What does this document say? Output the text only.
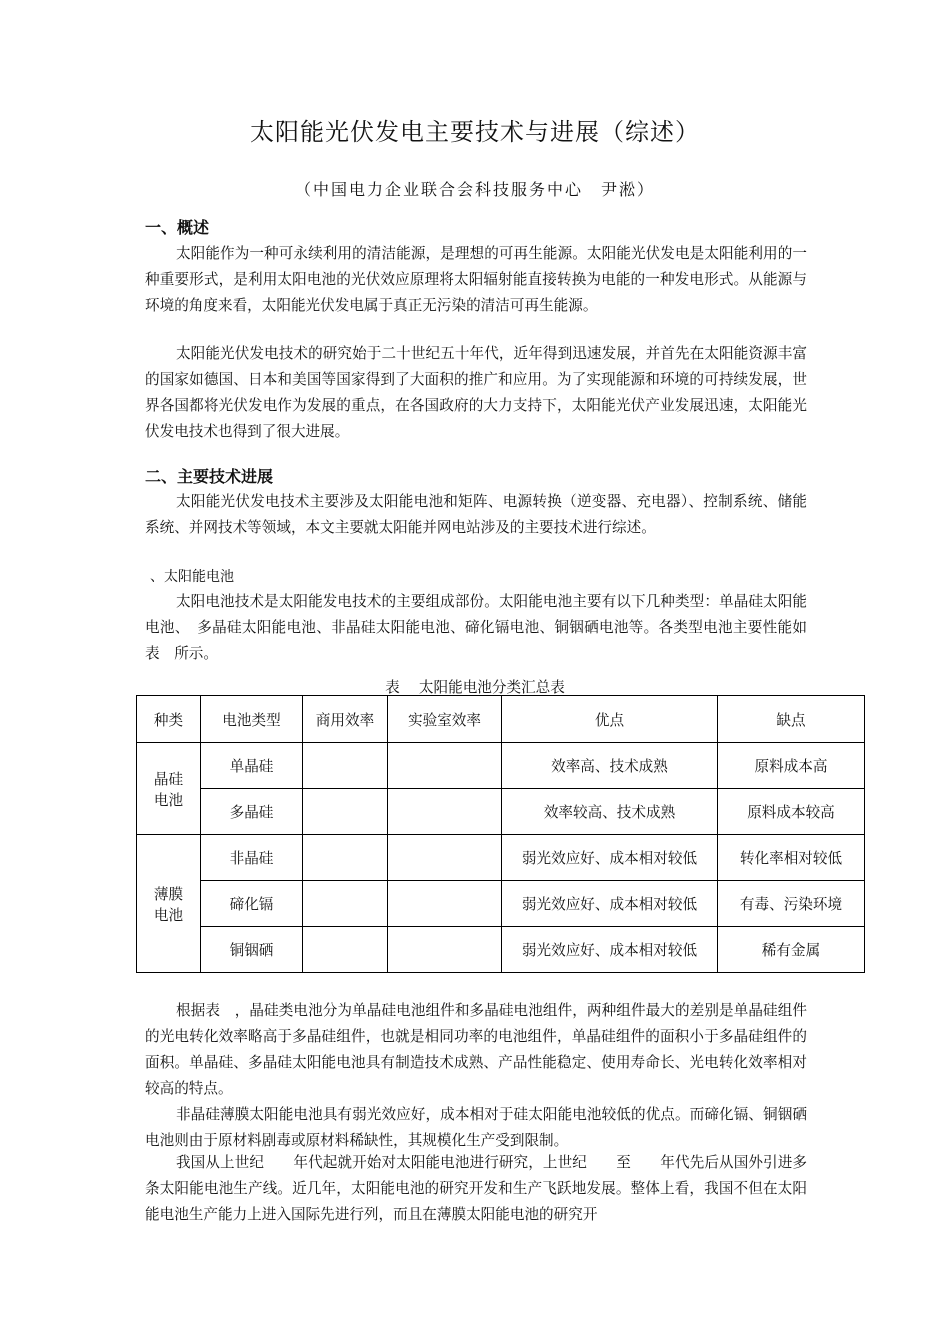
太阳能光伏发电主要技术与进展（综述）
（中国电力企业联合会科技服务中心　尹淞）
一、概述

太阳能作为一种可永续利用的清洁能源，是理想的可再生能源。太阳能光伏发电是太阳能利用的一种重要形式，是利用太阳电池的光伏效应原理将太阳辐射能直接转换为电能的一种发电形式。从能源与环境的角度来看，太阳能光伏发电属于真正无污染的清洁可再生能源。

太阳能光伏发电技术的研究始于二十世纪五十年代，近年得到迅速发展，并首先在太阳能资源丰富的国家如德国、日本和美国等国家得到了大面积的推广和应用。为了实现能源和环境的可持续发展，世界各国都将光伏发电作为发展的重点，在各国政府的大力支持下，太阳能光伏产业发展迅速，太阳能光伏发电技术也得到了很大进展。

二、主要技术进展

太阳能光伏发电技术主要涉及太阳能电池和矩阵、电源转换（逆变器、充电器）、控制系统、储能系统、并网技术等领域，本文主要就太阳能并网电站涉及的主要技术进行综述。

、太阳能电池

太阳电池技术是太阳能发电技术的主要组成部份。太阳能电池主要有以下几种类型：单晶硅太阳能电池、　多晶硅太阳能电池、非晶硅太阳能电池、碲化镉电池、铜铟硒电池等。各类型电池主要性能如表　所示。

表　 太阳能电池分类汇总表
种类	电池类型	商用效率	实验室效率	优点	缺点
晶硅电池	单晶硅			效率高、技术成熟	原料成本高
	多晶硅			效率较高、技术成熟	原料成本较高
薄膜电池	非晶硅			弱光效应好、成本相对较低	转化率相对较低
	碲化镉			弱光效应好、成本相对较低	有毒、污染环境
	铜铟硒			弱光效应好、成本相对较低	稀有金属

根据表　，晶硅类电池分为单晶硅电池组件和多晶硅电池组件，两种组件最大的差别是单晶硅组件的光电转化效率略高于多晶硅组件，也就是相同功率的电池组件，单晶硅组件的面积小于多晶硅组件的面积。单晶硅、多晶硅太阳能电池具有制造技术成熟、产品性能稳定、使用寿命长、光电转化效率相对较高的特点。

非晶硅薄膜太阳能电池具有弱光效应好，成本相对于硅太阳能电池较低的优点。而碲化镉、铜铟硒电池则由于原材料剧毒或原材料稀缺性，其规模化生产受到限制。

我国从上世纪　　年代起就开始对太阳能电池进行研究，上世纪　　至　　年代先后从国外引进多条太阳能电池生产线。近几年，太阳能电池的研究开发和生产飞跃地发展。整体上看，我国不但在太阳能电池生产能力上进入国际先进行列，而且在薄膜太阳能电池的研究开
